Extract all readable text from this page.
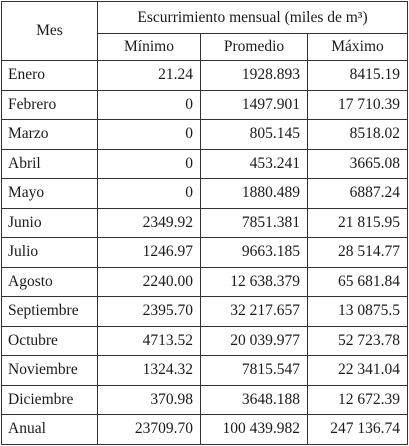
Mes	Escurrimiento mensual (miles de m³)		
	Mínimo	Promedio	Máximo
Enero	21.24	1928.893	8415.19
Febrero	0	1497.901	17 710.39
Marzo	0	805.145	8518.02
Abril	0	453.241	3665.08
Mayo	0	1880.489	6887.24
Junio	2349.92	7851.381	21 815.95
Julio	1246.97	9663.185	28 514.77
Agosto	2240.00	12 638.379	65 681.84
Septiembre	2395.70	32 217.657	13 0875.5
Octubre	4713.52	20 039.977	52 723.78
Noviembre	1324.32	7815.547	22 341.04
Diciembre	370.98	3648.188	12 672.39
Anual	23709.70	100 439.982	247 136.74
